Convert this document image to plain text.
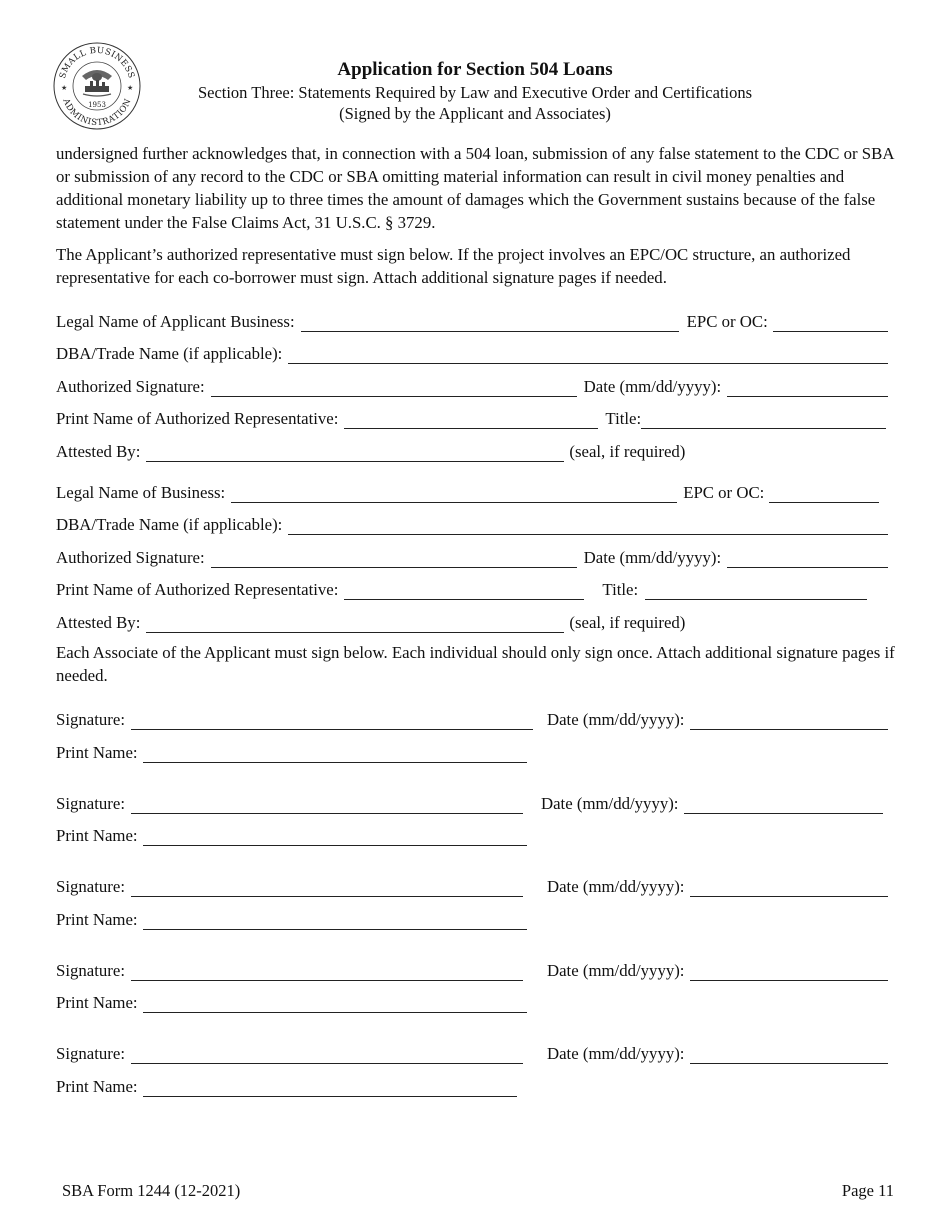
SMALL BUSINESS
ADMINISTRATION
★	★
1953
Application for Section 504 Loans
Section Three: Statements Required by Law and Executive Order and Certifications
(Signed by the Applicant and Associates)
undersigned further acknowledges that, in connection with a 504 loan, submission of any false statement to the CDC or SBA or submission of any record to the CDC or SBA omitting material information can result in civil money penalties and additional monetary liability up to three times the amount of damages which the Government sustains because of the false statement under the False Claims Act, 31 U.S.C. § 3729.
The Applicant’s authorized representative must sign below. If the project involves an EPC/OC structure, an authorized representative for each co-borrower must sign. Attach additional signature pages if needed.
Legal Name of Applicant Business:	EPC or OC:
DBA/Trade Name (if applicable):
Authorized Signature:	Date (mm/dd/yyyy):
Print Name of Authorized Representative:	Title:
Attested By:	(seal, if required)
Legal Name of Business:	EPC or OC:
DBA/Trade Name (if applicable):
Authorized Signature:	Date (mm/dd/yyyy):
Print Name of Authorized Representative:	Title:
Attested By:	(seal, if required)
Each Associate of the Applicant must sign below. Each individual should only sign once. Attach additional signature pages if needed.
Signature:	Date (mm/dd/yyyy):
Print Name:
Signature:	Date (mm/dd/yyyy):
Print Name:
Signature:	Date (mm/dd/yyyy):
Print Name:
Signature:	Date (mm/dd/yyyy):
Print Name:
Signature:	Date (mm/dd/yyyy):
Print Name:
SBA Form 1244 (12-2021)	Page 11
